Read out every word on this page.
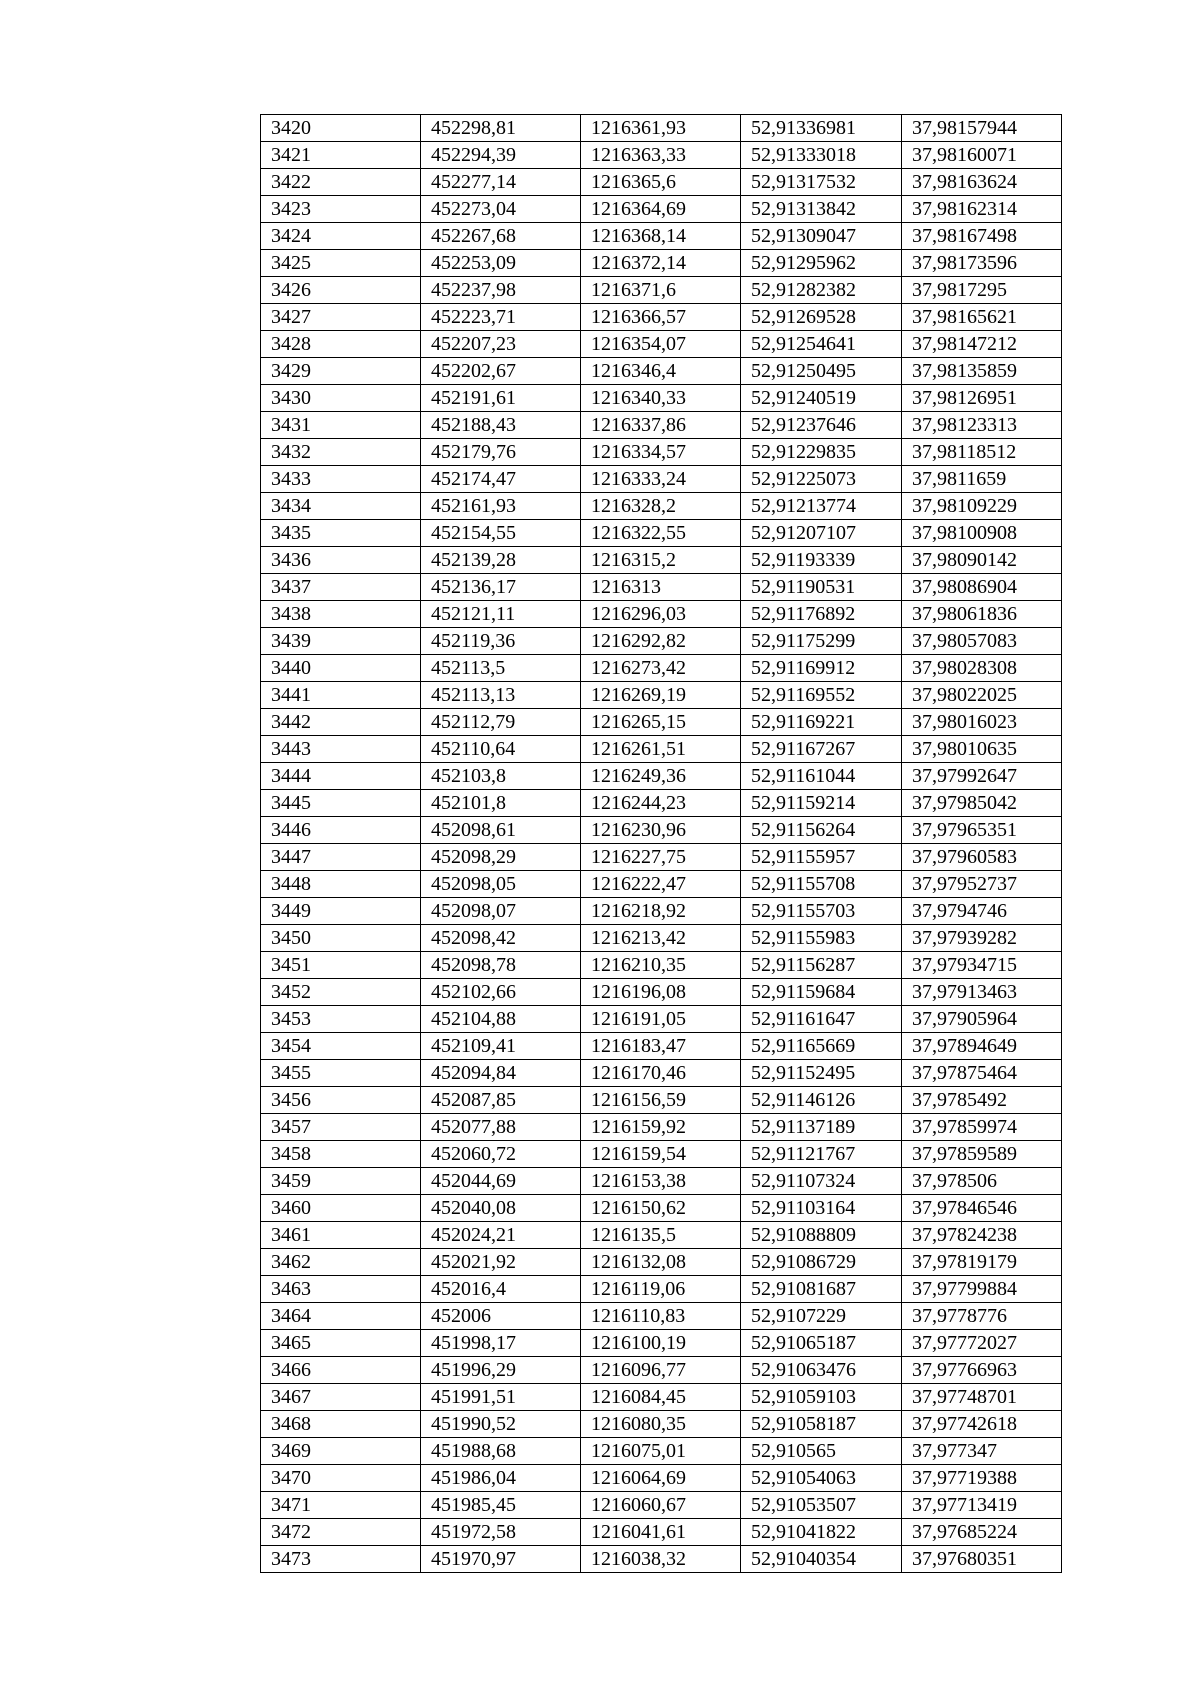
3420	452298,81	1216361,93	52,91336981	37,98157944
3421	452294,39	1216363,33	52,91333018	37,98160071
3422	452277,14	1216365,6	52,91317532	37,98163624
3423	452273,04	1216364,69	52,91313842	37,98162314
3424	452267,68	1216368,14	52,91309047	37,98167498
3425	452253,09	1216372,14	52,91295962	37,98173596
3426	452237,98	1216371,6	52,91282382	37,9817295
3427	452223,71	1216366,57	52,91269528	37,98165621
3428	452207,23	1216354,07	52,91254641	37,98147212
3429	452202,67	1216346,4	52,91250495	37,98135859
3430	452191,61	1216340,33	52,91240519	37,98126951
3431	452188,43	1216337,86	52,91237646	37,98123313
3432	452179,76	1216334,57	52,91229835	37,98118512
3433	452174,47	1216333,24	52,91225073	37,9811659
3434	452161,93	1216328,2	52,91213774	37,98109229
3435	452154,55	1216322,55	52,91207107	37,98100908
3436	452139,28	1216315,2	52,91193339	37,98090142
3437	452136,17	1216313	52,91190531	37,98086904
3438	452121,11	1216296,03	52,91176892	37,98061836
3439	452119,36	1216292,82	52,91175299	37,98057083
3440	452113,5	1216273,42	52,91169912	37,98028308
3441	452113,13	1216269,19	52,91169552	37,98022025
3442	452112,79	1216265,15	52,91169221	37,98016023
3443	452110,64	1216261,51	52,91167267	37,98010635
3444	452103,8	1216249,36	52,91161044	37,97992647
3445	452101,8	1216244,23	52,91159214	37,97985042
3446	452098,61	1216230,96	52,91156264	37,97965351
3447	452098,29	1216227,75	52,91155957	37,97960583
3448	452098,05	1216222,47	52,91155708	37,97952737
3449	452098,07	1216218,92	52,91155703	37,9794746
3450	452098,42	1216213,42	52,91155983	37,97939282
3451	452098,78	1216210,35	52,91156287	37,97934715
3452	452102,66	1216196,08	52,91159684	37,97913463
3453	452104,88	1216191,05	52,91161647	37,97905964
3454	452109,41	1216183,47	52,91165669	37,97894649
3455	452094,84	1216170,46	52,91152495	37,97875464
3456	452087,85	1216156,59	52,91146126	37,9785492
3457	452077,88	1216159,92	52,91137189	37,97859974
3458	452060,72	1216159,54	52,91121767	37,97859589
3459	452044,69	1216153,38	52,91107324	37,978506
3460	452040,08	1216150,62	52,91103164	37,97846546
3461	452024,21	1216135,5	52,91088809	37,97824238
3462	452021,92	1216132,08	52,91086729	37,97819179
3463	452016,4	1216119,06	52,91081687	37,97799884
3464	452006	1216110,83	52,9107229	37,9778776
3465	451998,17	1216100,19	52,91065187	37,97772027
3466	451996,29	1216096,77	52,91063476	37,97766963
3467	451991,51	1216084,45	52,91059103	37,97748701
3468	451990,52	1216080,35	52,91058187	37,97742618
3469	451988,68	1216075,01	52,910565	37,977347
3470	451986,04	1216064,69	52,91054063	37,97719388
3471	451985,45	1216060,67	52,91053507	37,97713419
3472	451972,58	1216041,61	52,91041822	37,97685224
3473	451970,97	1216038,32	52,91040354	37,97680351
